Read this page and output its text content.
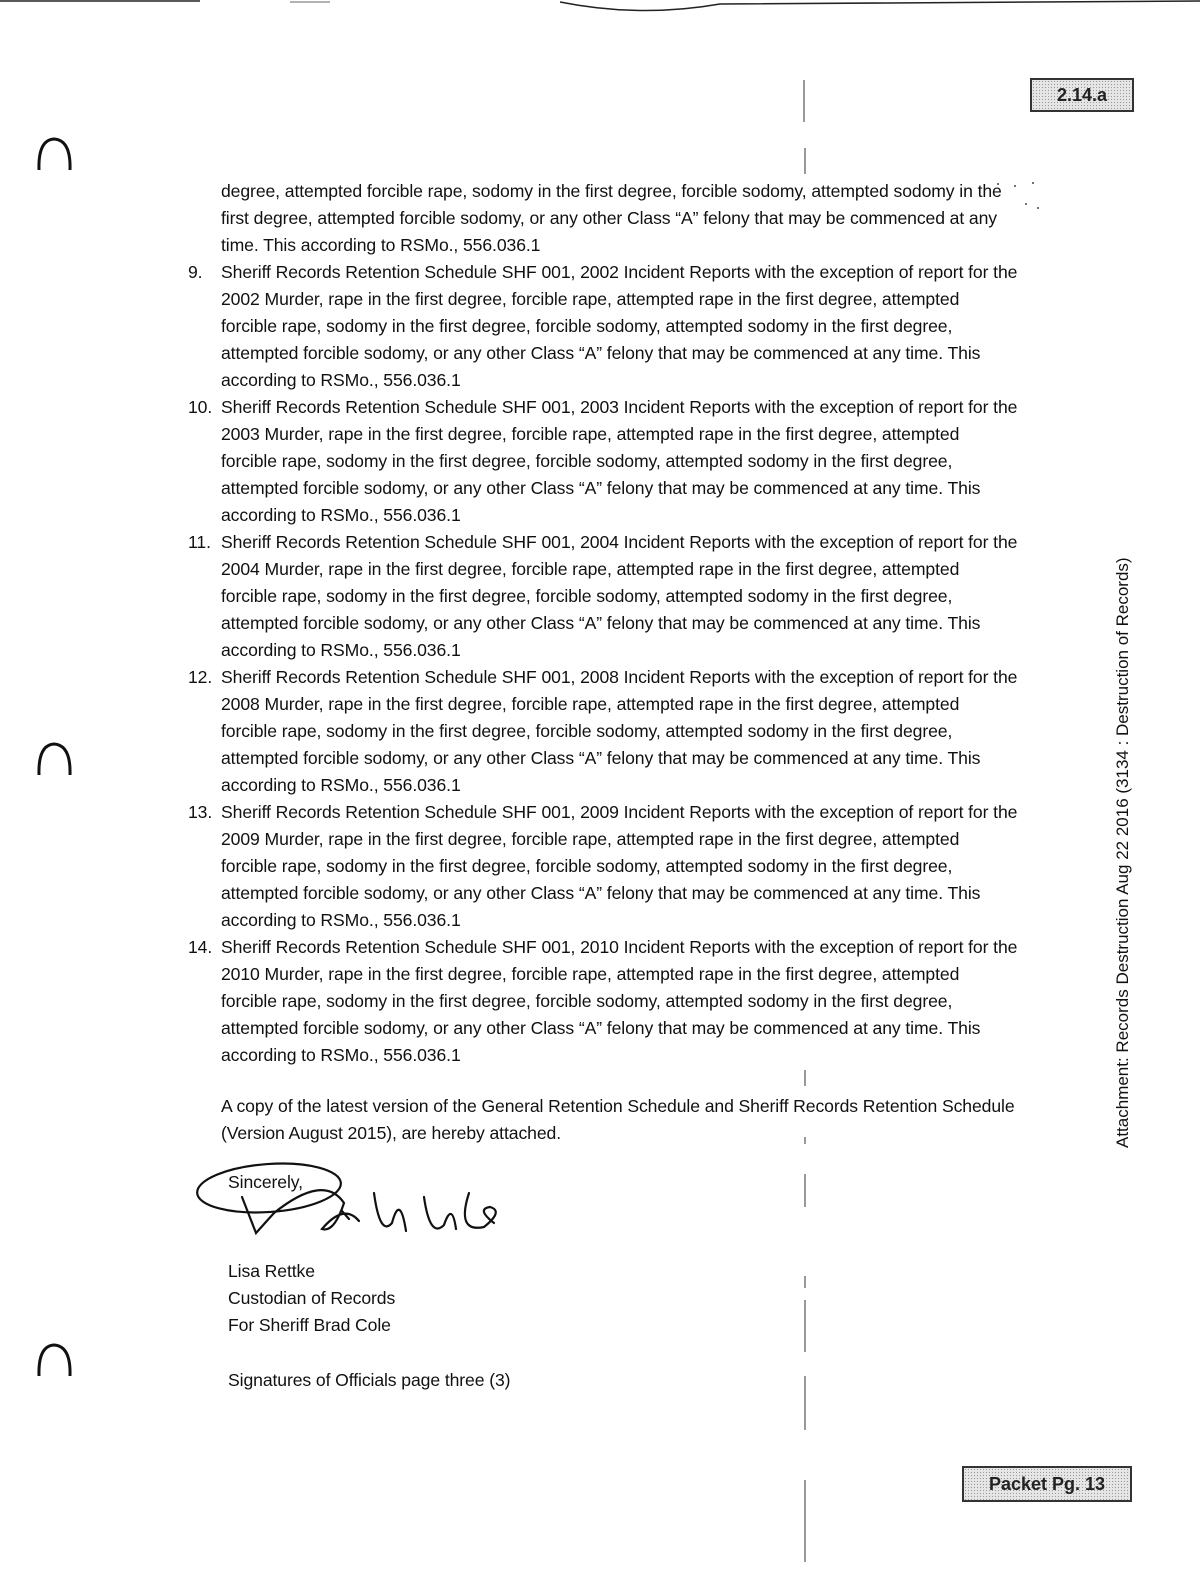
2.14.a
degree, attempted forcible rape, sodomy in the first degree, forcible sodomy, attempted sodomy in the first degree, attempted forcible sodomy, or any other Class “A” felony that may be commenced at any time. This according to RSMo., 556.036.1
9. Sheriff Records Retention Schedule SHF 001, 2002 Incident Reports with the exception of report for the 2002 Murder, rape in the first degree, forcible rape, attempted rape in the first degree, attempted forcible rape, sodomy in the first degree, forcible sodomy, attempted sodomy in the first degree, attempted forcible sodomy, or any other Class “A” felony that may be commenced at any time. This according to RSMo., 556.036.1
10. Sheriff Records Retention Schedule SHF 001, 2003 Incident Reports with the exception of report for the 2003 Murder, rape in the first degree, forcible rape, attempted rape in the first degree, attempted forcible rape, sodomy in the first degree, forcible sodomy, attempted sodomy in the first degree, attempted forcible sodomy, or any other Class “A” felony that may be commenced at any time. This according to RSMo., 556.036.1
11. Sheriff Records Retention Schedule SHF 001, 2004 Incident Reports with the exception of report for the 2004 Murder, rape in the first degree, forcible rape, attempted rape in the first degree, attempted forcible rape, sodomy in the first degree, forcible sodomy, attempted sodomy in the first degree, attempted forcible sodomy, or any other Class “A” felony that may be commenced at any time. This according to RSMo., 556.036.1
12. Sheriff Records Retention Schedule SHF 001, 2008 Incident Reports with the exception of report for the 2008 Murder, rape in the first degree, forcible rape, attempted rape in the first degree, attempted forcible rape, sodomy in the first degree, forcible sodomy, attempted sodomy in the first degree, attempted forcible sodomy, or any other Class “A” felony that may be commenced at any time. This according to RSMo., 556.036.1
13. Sheriff Records Retention Schedule SHF 001, 2009 Incident Reports with the exception of report for the 2009 Murder, rape in the first degree, forcible rape, attempted rape in the first degree, attempted forcible rape, sodomy in the first degree, forcible sodomy, attempted sodomy in the first degree, attempted forcible sodomy, or any other Class “A” felony that may be commenced at any time. This according to RSMo., 556.036.1
14. Sheriff Records Retention Schedule SHF 001, 2010 Incident Reports with the exception of report for the 2010 Murder, rape in the first degree, forcible rape, attempted rape in the first degree, attempted forcible rape, sodomy in the first degree, forcible sodomy, attempted sodomy in the first degree, attempted forcible sodomy, or any other Class “A” felony that may be commenced at any time. This according to RSMo., 556.036.1
A copy of the latest version of the General Retention Schedule and Sheriff Records Retention Schedule (Version August 2015), are hereby attached.
Sincerely,
Lisa Rettke
Custodian of Records
For Sheriff Brad Cole
Signatures of Officials page three (3)
Attachment: Records Destruction Aug 22 2016 (3134 : Destruction of Records)
Packet Pg. 13
